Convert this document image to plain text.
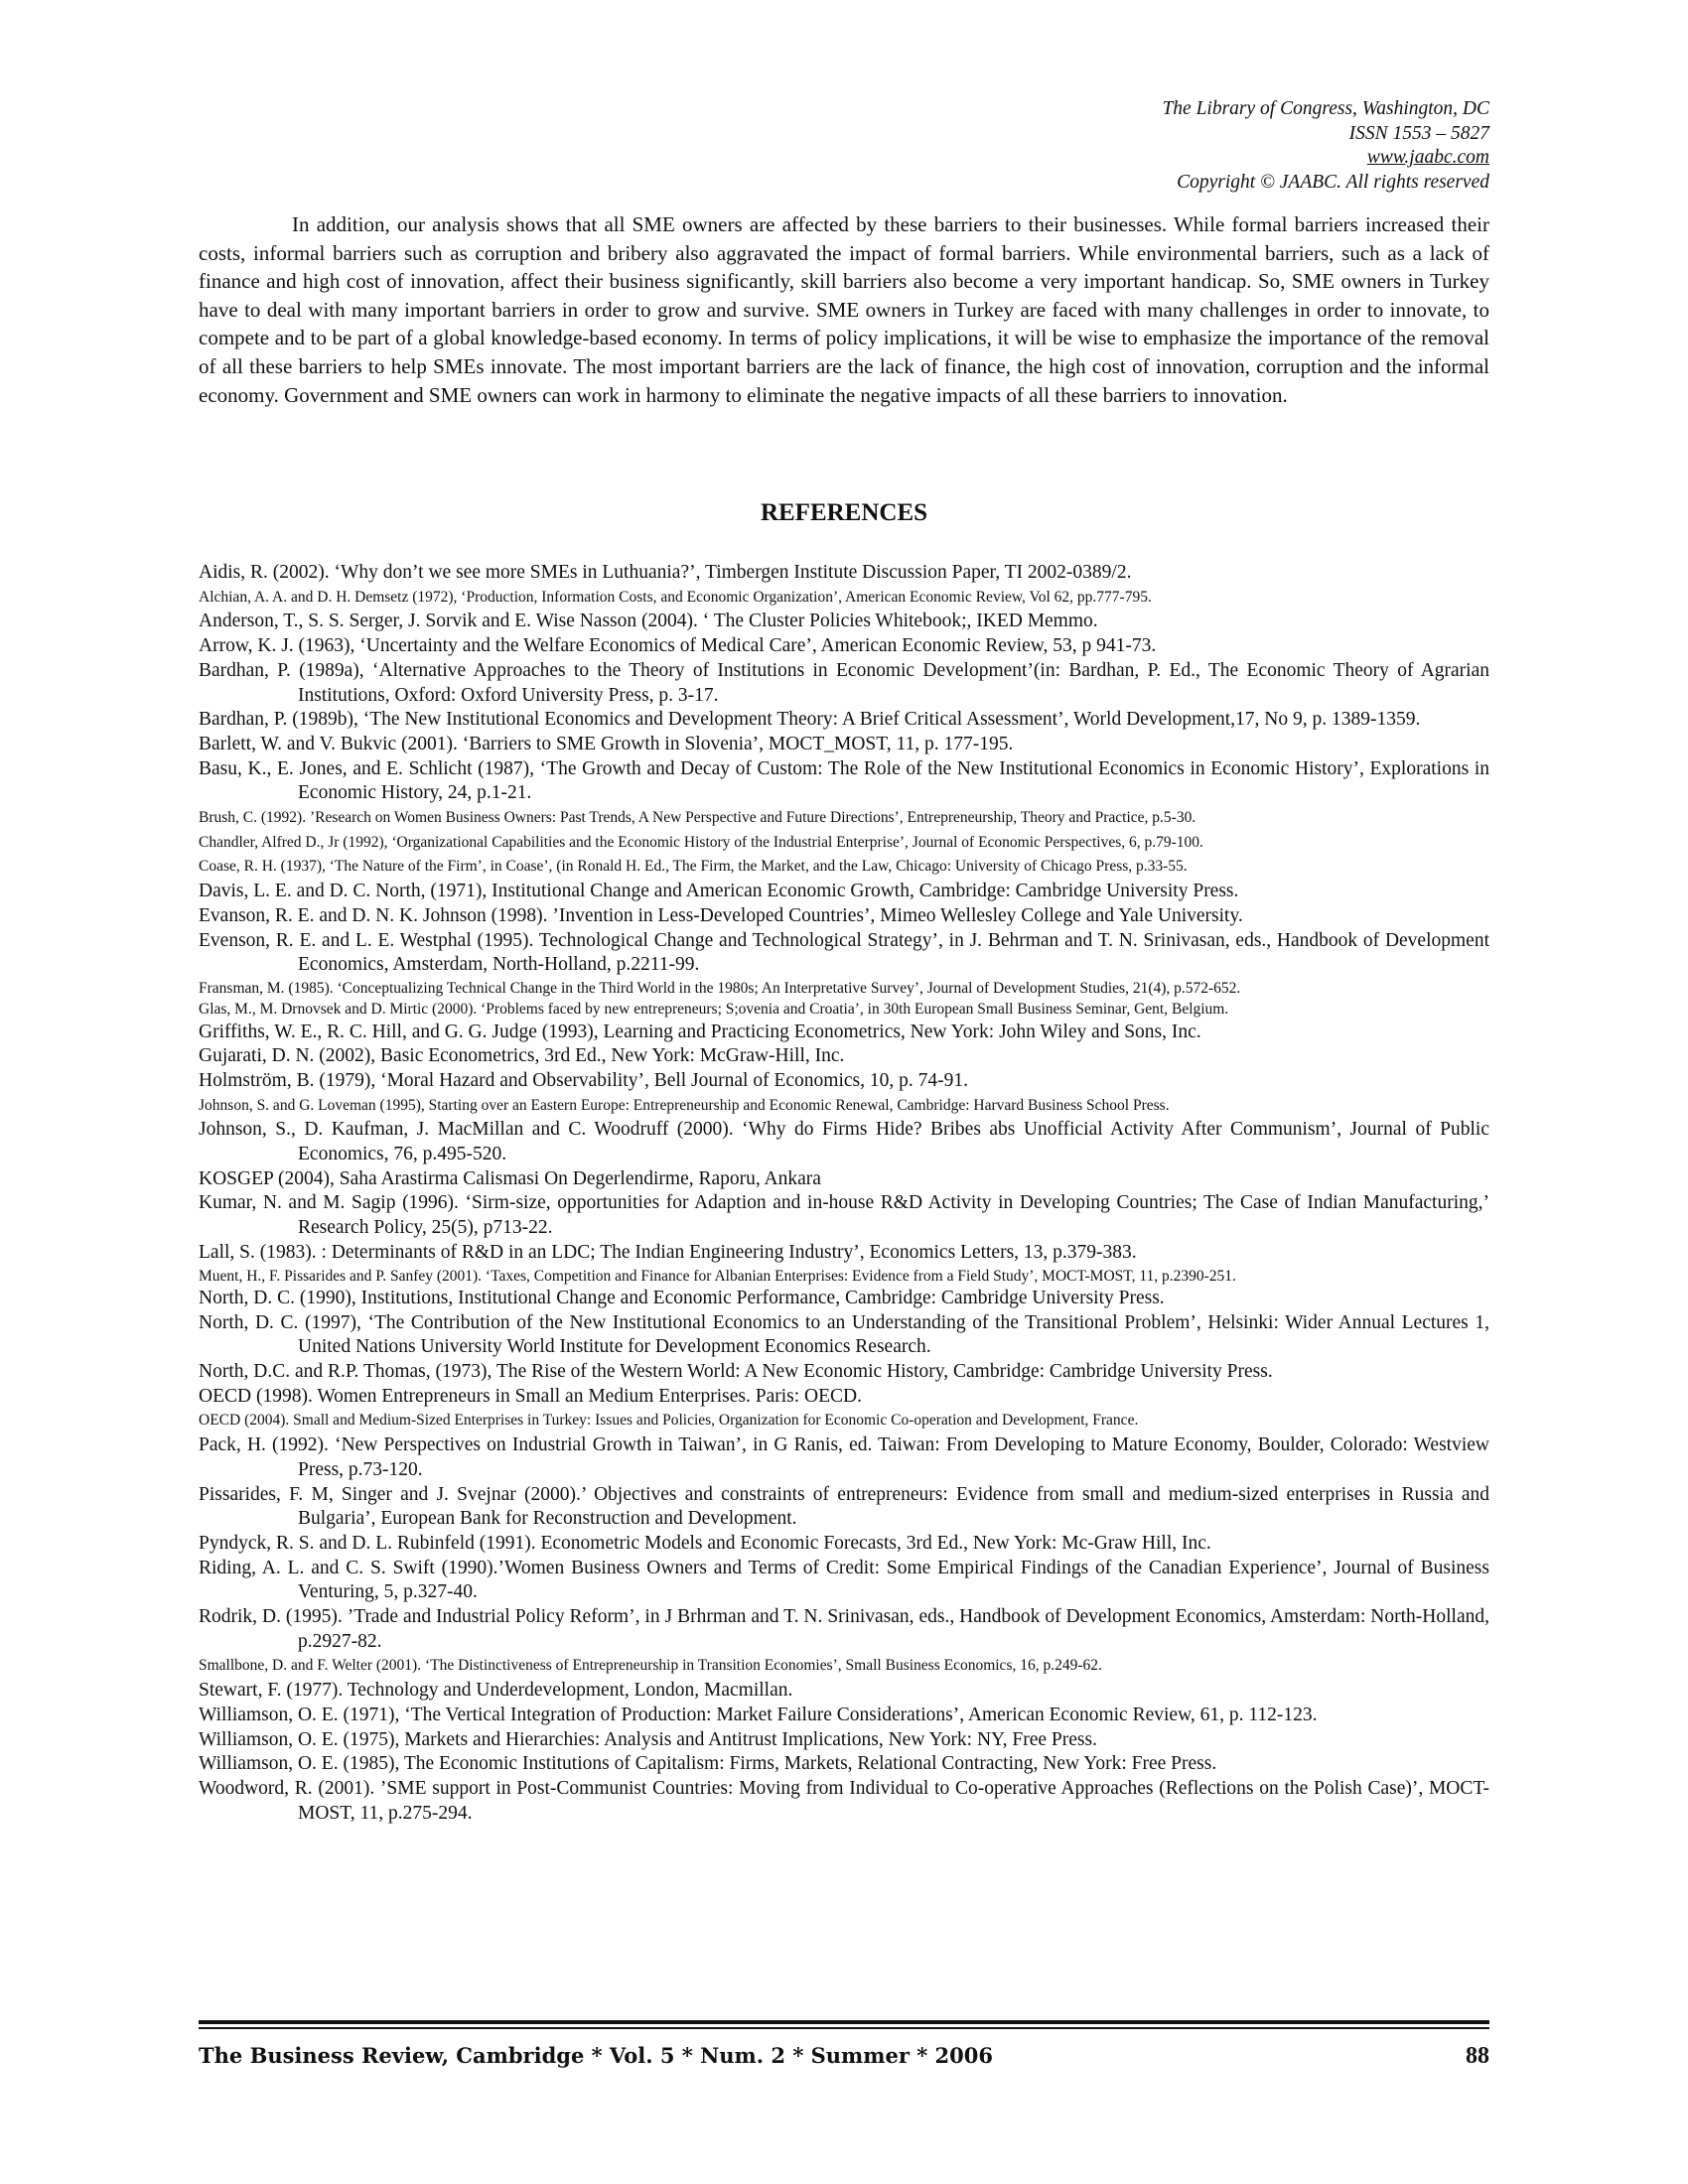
The Library of Congress, Washington, DC
ISSN 1553 – 5827
www.jaabc.com
Copyright © JAABC. All rights reserved

In addition, our analysis shows that all SME owners are affected by these barriers to their businesses. While formal barriers increased their costs, informal barriers such as corruption and bribery also aggravated the impact of formal barriers. While environmental barriers, such as a lack of finance and high cost of innovation, affect their business significantly, skill barriers also become a very important handicap. So, SME owners in Turkey have to deal with many important barriers in order to grow and survive. SME owners in Turkey are faced with many challenges in order to innovate, to compete and to be part of a global knowledge-based economy. In terms of policy implications, it will be wise to emphasize the importance of the removal of all these barriers to help SMEs innovate. The most important barriers are the lack of finance, the high cost of innovation, corruption and the informal economy. Government and SME owners can work in harmony to eliminate the negative impacts of all these barriers to innovation.

REFERENCES

Aidis, R. (2002). ‘Why don’t we see more SMEs in Luthuania?’, Timbergen Institute Discussion Paper, TI 2002-0389/2.

Alchian, A. A. and D. H. Demsetz (1972), ‘Production, Information Costs, and Economic Organization’, American Economic Review, Vol 62, pp.777-795.

Anderson, T., S. S. Serger, J. Sorvik and E. Wise Nasson (2004). ‘ The Cluster Policies Whitebook;, IKED Memmo.

Arrow, K. J. (1963), ‘Uncertainty and the Welfare Economics of Medical Care’, American Economic Review, 53, p 941-73.

Bardhan, P. (1989a), ‘Alternative Approaches to the Theory of Institutions in Economic Development’(in: Bardhan, P. Ed., The Economic Theory of Agrarian Institutions, Oxford: Oxford University Press, p. 3-17.

Bardhan, P. (1989b), ‘The New Institutional Economics and Development Theory: A Brief Critical Assessment’, World Development,17, No 9, p. 1389-1359.

Barlett, W. and V. Bukvic (2001). ‘Barriers to SME Growth in Slovenia’, MOCT_MOST, 11, p. 177-195.

Basu, K., E. Jones, and E. Schlicht (1987), ‘The Growth and Decay of Custom: The Role of the New Institutional Economics in Economic History’, Explorations in Economic History, 24, p.1-21.

Brush, C. (1992). ’Research on Women Business Owners: Past Trends, A New Perspective and Future Directions’, Entrepreneurship, Theory and Practice, p.5-30.

Chandler, Alfred D., Jr (1992), ‘Organizational Capabilities and the Economic History of the Industrial Enterprise’, Journal of Economic Perspectives, 6, p.79-100.

Coase, R. H. (1937), ‘The Nature of the Firm’, in Coase’, (in Ronald H. Ed., The Firm, the Market, and the Law, Chicago: University of Chicago Press, p.33-55.

Davis, L. E. and D. C. North, (1971), Institutional Change and American Economic Growth, Cambridge: Cambridge University Press.

Evanson, R. E. and D. N. K. Johnson (1998). ’Invention in Less-Developed Countries’, Mimeo Wellesley College and Yale University.

Evenson, R. E. and L. E. Westphal (1995). Technological Change and Technological Strategy’, in J. Behrman and T. N. Srinivasan, eds., Handbook of Development Economics, Amsterdam, North-Holland, p.2211-99.

Fransman, M. (1985). ‘Conceptualizing Technical Change in the Third World in the 1980s; An Interpretative Survey’, Journal of Development Studies, 21(4), p.572-652.

Glas, M., M. Drnovsek and D. Mirtic (2000). ‘Problems faced by new entrepreneurs; S;ovenia and Croatia’, in 30th European Small Business Seminar, Gent, Belgium.

Griffiths, W. E., R. C. Hill, and G. G. Judge (1993), Learning and Practicing Econometrics, New York: John Wiley and Sons, Inc.

Gujarati, D. N. (2002), Basic Econometrics, 3rd Ed., New York: McGraw-Hill, Inc.

Holmström, B. (1979), ‘Moral Hazard and Observability’, Bell Journal of Economics, 10, p. 74-91.

Johnson, S. and G. Loveman (1995), Starting over an Eastern Europe: Entrepreneurship and Economic Renewal, Cambridge: Harvard Business School Press.

Johnson, S., D. Kaufman, J. MacMillan and C. Woodruff (2000). ‘Why do Firms Hide? Bribes abs Unofficial Activity After Communism’, Journal of Public Economics, 76, p.495-520.

KOSGEP (2004), Saha Arastirma Calismasi On Degerlendirme, Raporu, Ankara

Kumar, N. and M. Sagip (1996). ‘Sirm-size, opportunities for Adaption and in-house R&D Activity in Developing Countries; The Case of Indian Manufacturing,’ Research Policy, 25(5), p713-22.

Lall, S. (1983). : Determinants of R&D in an LDC; The Indian Engineering Industry’, Economics Letters, 13, p.379-383.

Muent, H., F. Pissarides and P. Sanfey (2001). ‘Taxes, Competition and Finance for Albanian Enterprises: Evidence from a Field Study’, MOCT-MOST, 11, p.2390-251.

North, D. C. (1990), Institutions, Institutional Change and Economic Performance, Cambridge: Cambridge University Press.

North, D. C. (1997), ‘The Contribution of the New Institutional Economics to an Understanding of the Transitional Problem’, Helsinki: Wider Annual Lectures 1, United Nations University World Institute for Development Economics Research.

North, D.C. and R.P. Thomas, (1973), The Rise of the Western World: A New Economic History, Cambridge: Cambridge University Press.

OECD (1998). Women Entrepreneurs in Small an Medium Enterprises. Paris: OECD.

OECD (2004). Small and Medium-Sized Enterprises in Turkey: Issues and Policies, Organization for Economic Co-operation and Development, France.

Pack, H. (1992). ‘New Perspectives on Industrial Growth in Taiwan’, in G Ranis, ed. Taiwan: From Developing to Mature Economy, Boulder, Colorado: Westview Press, p.73-120.

Pissarides, F. M, Singer and J. Svejnar (2000).’ Objectives and constraints of entrepreneurs: Evidence from small and medium-sized enterprises in Russia and Bulgaria’, European Bank for Reconstruction and Development.

Pyndyck, R. S. and D. L. Rubinfeld (1991). Econometric Models and Economic Forecasts, 3rd Ed., New York: Mc-Graw Hill, Inc.

Riding, A. L. and C. S. Swift (1990).’Women Business Owners and Terms of Credit: Some Empirical Findings of the Canadian Experience’, Journal of Business Venturing, 5, p.327-40.

Rodrik, D. (1995). ’Trade and Industrial Policy Reform’, in J Brhrman and T. N. Srinivasan, eds., Handbook of Development Economics, Amsterdam: North-Holland, p.2927-82.

Smallbone, D. and F. Welter (2001). ‘The Distinctiveness of Entrepreneurship in Transition Economies’, Small Business Economics, 16, p.249-62.

Stewart, F. (1977). Technology and Underdevelopment, London, Macmillan.

Williamson, O. E. (1971), ‘The Vertical Integration of Production: Market Failure Considerations’, American Economic Review, 61, p. 112-123.

Williamson, O. E. (1975), Markets and Hierarchies: Analysis and Antitrust Implications, New York: NY, Free Press.

Williamson, O. E. (1985), The Economic Institutions of Capitalism: Firms, Markets, Relational Contracting, New York: Free Press.

Woodword, R. (2001). ’SME support in Post-Communist Countries: Moving from Individual to Co-operative Approaches (Reflections on the Polish Case)’, MOCT-MOST, 11, p.275-294.

The Business Review, Cambridge * Vol. 5 * Num. 2 * Summer * 2006	88
